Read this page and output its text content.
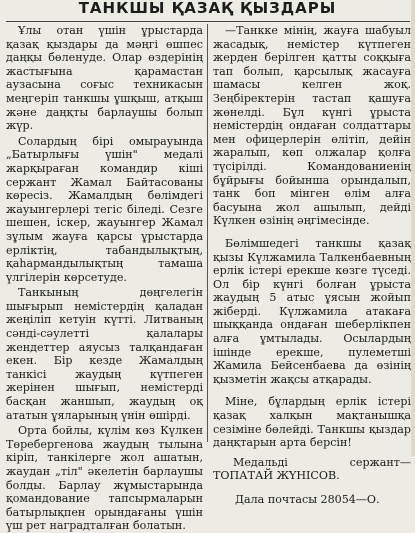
ТАНКШЫ ҚАЗАҚ ҚЫЗДАРЫ

Ұлы отан үшін ұрыстарда қазақ қыздары да мәңгі өшпес даңқы бөленуде. Олар өздерінің жастығына қарамастан аузасына соғыс техникасын меңгеріп танкшы ұшқыш, атқыш және даңқты барлаушы болып жүр.

Солардың бірі омырауында „Батырлығы үшін" медалі жарқыраған командир кіші сержант Жамал Байтасованы көресіз. Жамалдың бөлімдегі жауынгерлері тегіс біледі. Сезге шешен, іскер, жауынгер Жамал зұлым жауға қарсы ұрыстарда ерліктің, табандылықтың, қаһармандылықтың тамаша үлгілерін көрсетуде.

Танкының дөңгелегін шығырып немістердің қаладан жеңіліп кетуін күтті. Литваның сәнді-сәулетті қалалары жендеттер аяусыз талқандаған екен. Бір кезде Жамалдың танкісі жаудың күтпеген жерінен шығып, немістерді басқан жаншып, жаудың оқ ататын ұяларының үнін өшірді.

Орта бойлы, күлім көз Күлкен Төребергенова жаудың тылына кіріп, танкілерге жол ашатын, жаудан „тіл" әкелетін барлаушы болды. Барлау жұмыстарында қомандование тапсырмаларын батырлықпен орындағаны үшін үш рет наградталған болатын.

—Танкке мінің, жауға шабуыл жасадық, немістер күтпеген жерден берілген қатты соққыға тап болып, қарсылық жасауға шамасы келген жоқ. Зеңбіректерін тастап қашуға жөнелді. Бұл күнгі ұрыста немістердің ондаған солдаттары мен офицерлерін өлітіп, дейін жаралып, көп олжалар қолға түсірілді. Командованиенің бұйрығы бойынша орындалып, танк боп мінген өлім алға басуына жол ашылып, дейді Күлкен өзінің әңгімесінде.

Бөлімшедегі танкшы қазақ қызы Күлжамила Талкенбаевның ерлік істері ерекше көзге түседі. Ол бір күнгі болған ұрыста жаудың 5 атыс ұясын жойып жіберді. Күлжамила атакаға шыққанда ондаған шеберлікпен алға ұмтылады. Осылардың ішінде ерекше, пулеметші Жамила Бейсенбаева да өзінің қызметін жақсы атқарады.

Міне, бұлардың ерлік істері қазақ халқын мақтанышқа сезіміне бөлейді. Танкшы қыздар даңқтарын арта берсін!

Медальді сержант—ТОПАТАЙ ЖҮНІСОВ.

Дала почтасы 28054—О.
